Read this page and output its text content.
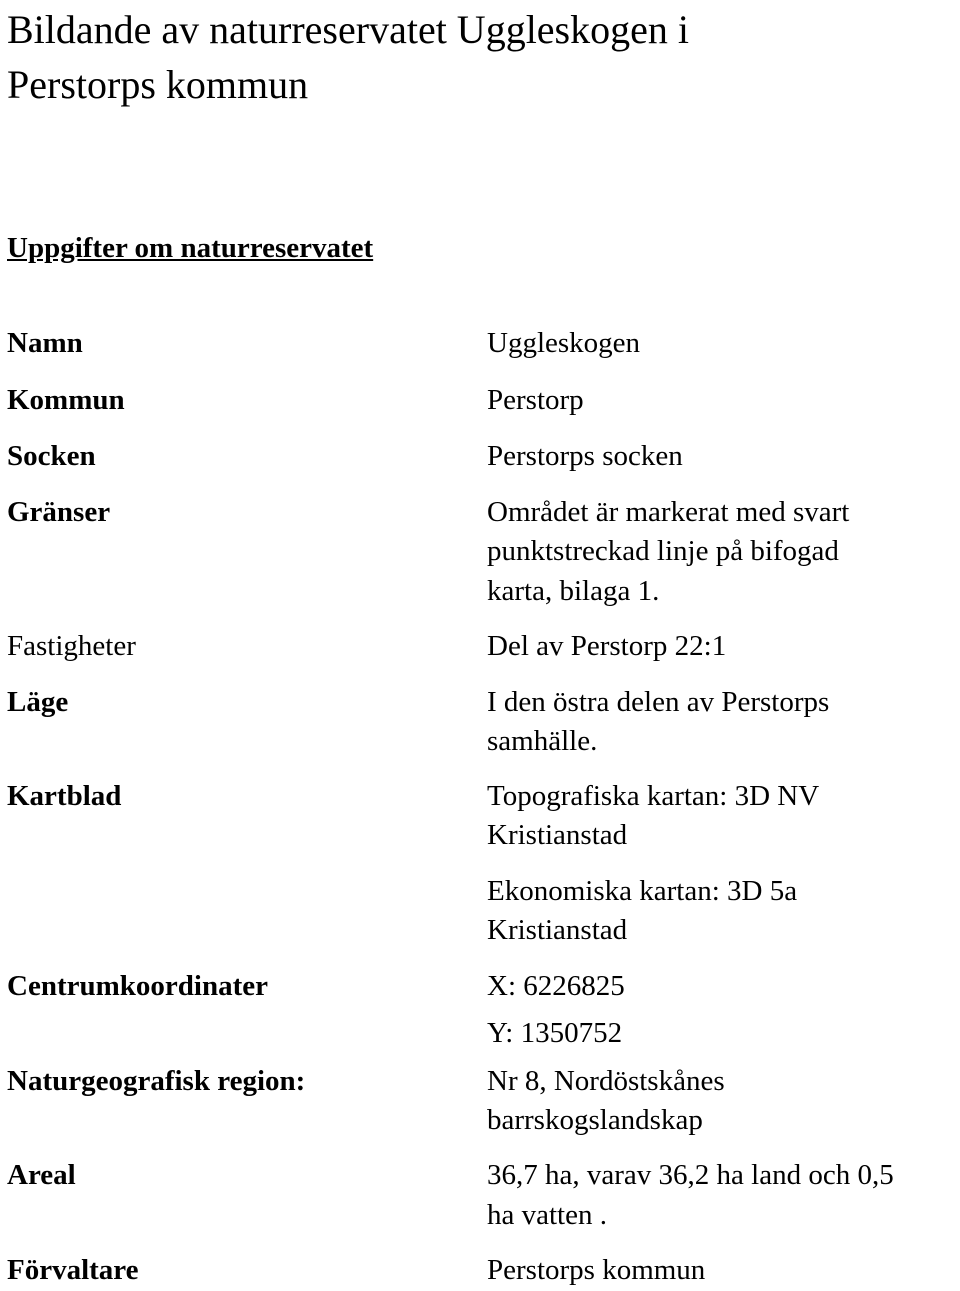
Bildande av naturreservatet Uggleskogen i
Perstorps kommun
Uppgifter om naturreservatet
Namn	Uggleskogen
Kommun	Perstorp
Socken	Perstorps socken
Gränser	Området är markerat med svart
punktstreckad linje på bifogad
karta, bilaga 1.
Fastigheter	Del av Perstorp 22:1
Läge	I den östra delen av Perstorps
samhälle.
Kartblad	Topografiska kartan: 3D NV
Kristianstad
Ekonomiska kartan: 3D 5a
Kristianstad
Centrumkoordinater	X: 6226825
Y: 1350752
Naturgeografisk region:	Nr 8, Nordöstskånes
barrskogslandskap
Areal	36,7 ha, varav 36,2 ha land och 0,5
ha vatten .
Förvaltare	Perstorps kommun
